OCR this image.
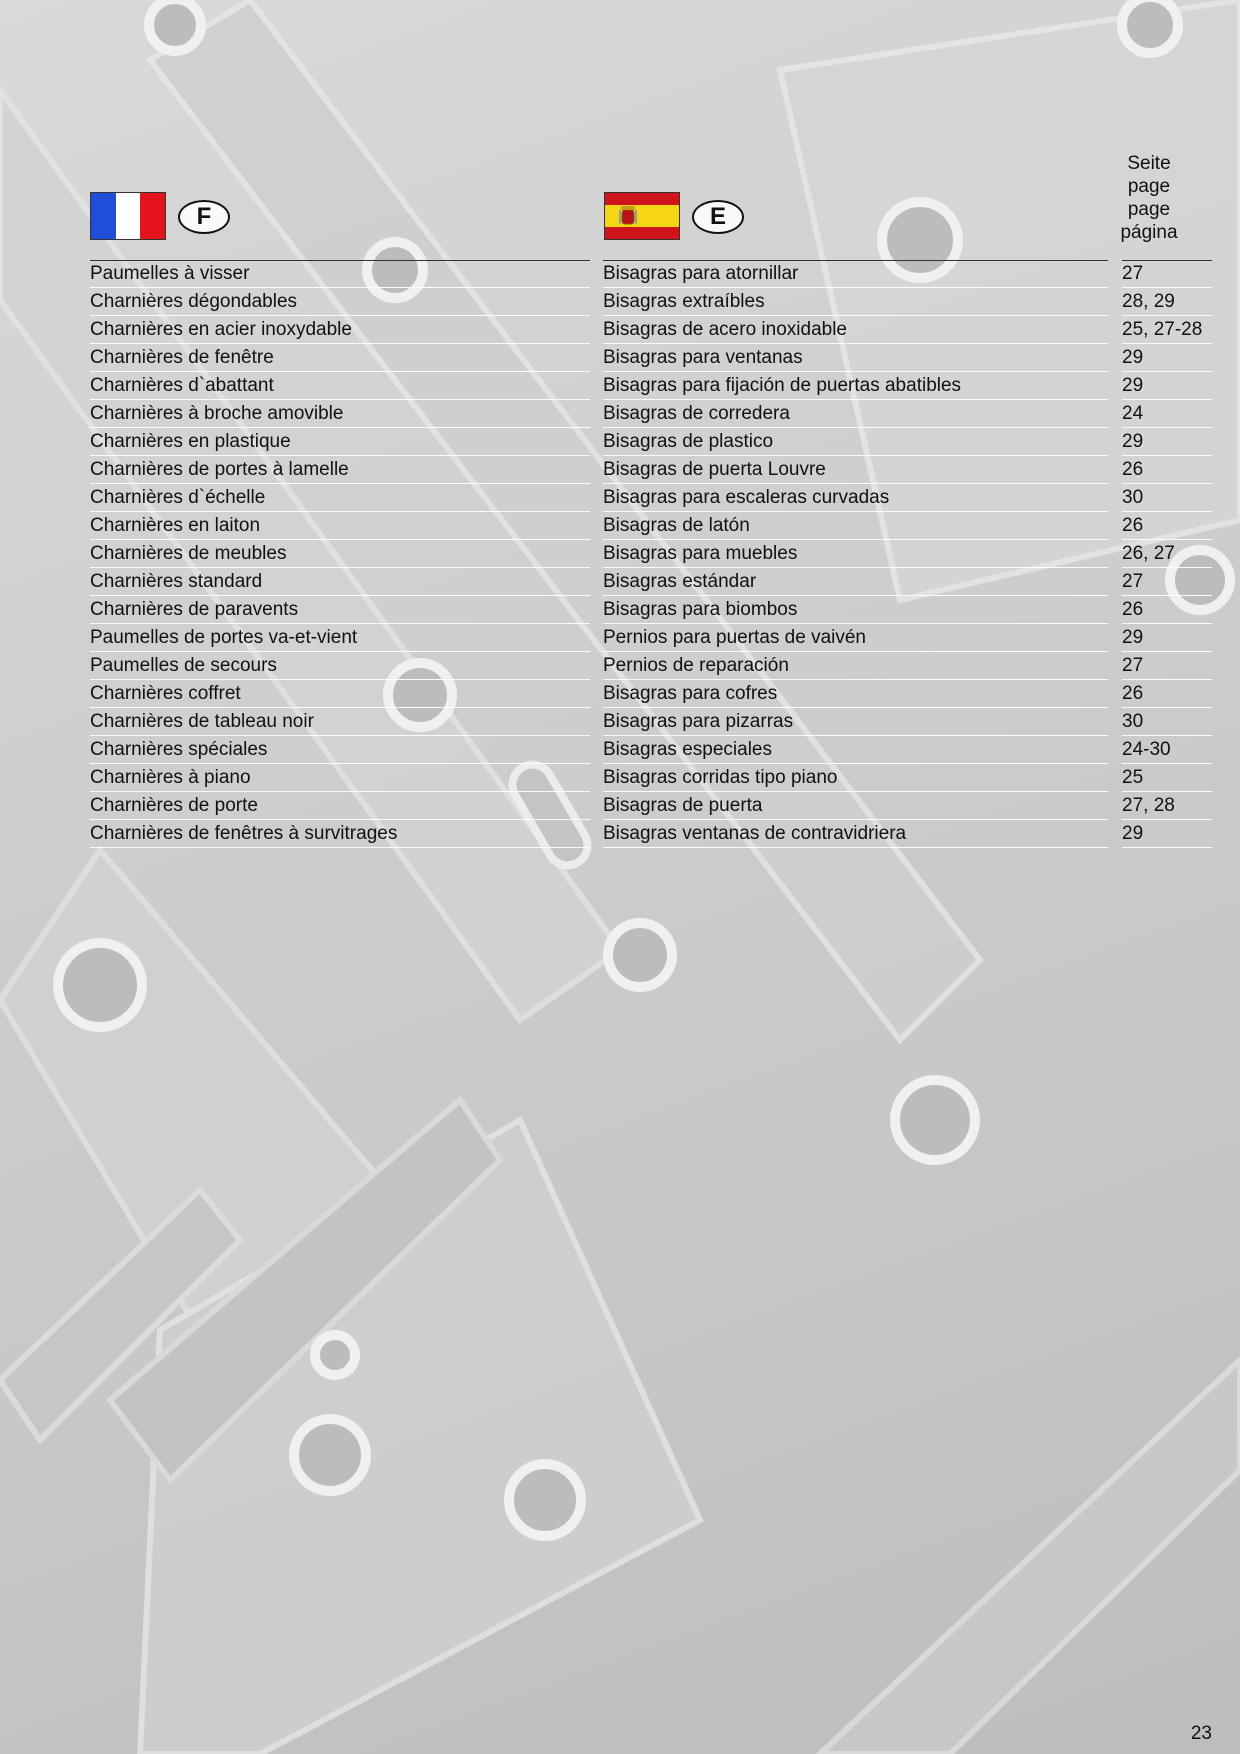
F	E
Seite
page
page
página
Paumelles à visser
Charnières dégondables
Charnières en acier inoxydable
Charnières de fenêtre
Charnières d`abattant
Charnières à broche amovible
Charnières en plastique
Charnières de portes à lamelle
Charnières d`échelle
Charnières en laiton
Charnières de meubles
Charnières standard
Charnières de paravents
Paumelles de portes va-et-vient
Paumelles de secours
Charnières coffret
Charnières de tableau noir
Charnières spéciales
Charnières à piano
Charnières de porte
Charnières de fenêtres à survitrages
Bisagras para atornillar
Bisagras extraíbles
Bisagras de acero inoxidable
Bisagras para ventanas
Bisagras para fijación de puertas abatibles
Bisagras de corredera
Bisagras de plastico
Bisagras de puerta Louvre
Bisagras para escaleras curvadas
Bisagras de latón
Bisagras para muebles
Bisagras estándar
Bisagras para biombos
Pernios para puertas de vaivén
Pernios de reparación
Bisagras para cofres
Bisagras para pizarras
Bisagras especiales
Bisagras corridas tipo piano
Bisagras de puerta
Bisagras ventanas de contravidriera
27
28, 29
25, 27-28
29
29
24
29
26
30
26
26, 27
27
26
29
27
26
30
24-30
25
27, 28
29
23
